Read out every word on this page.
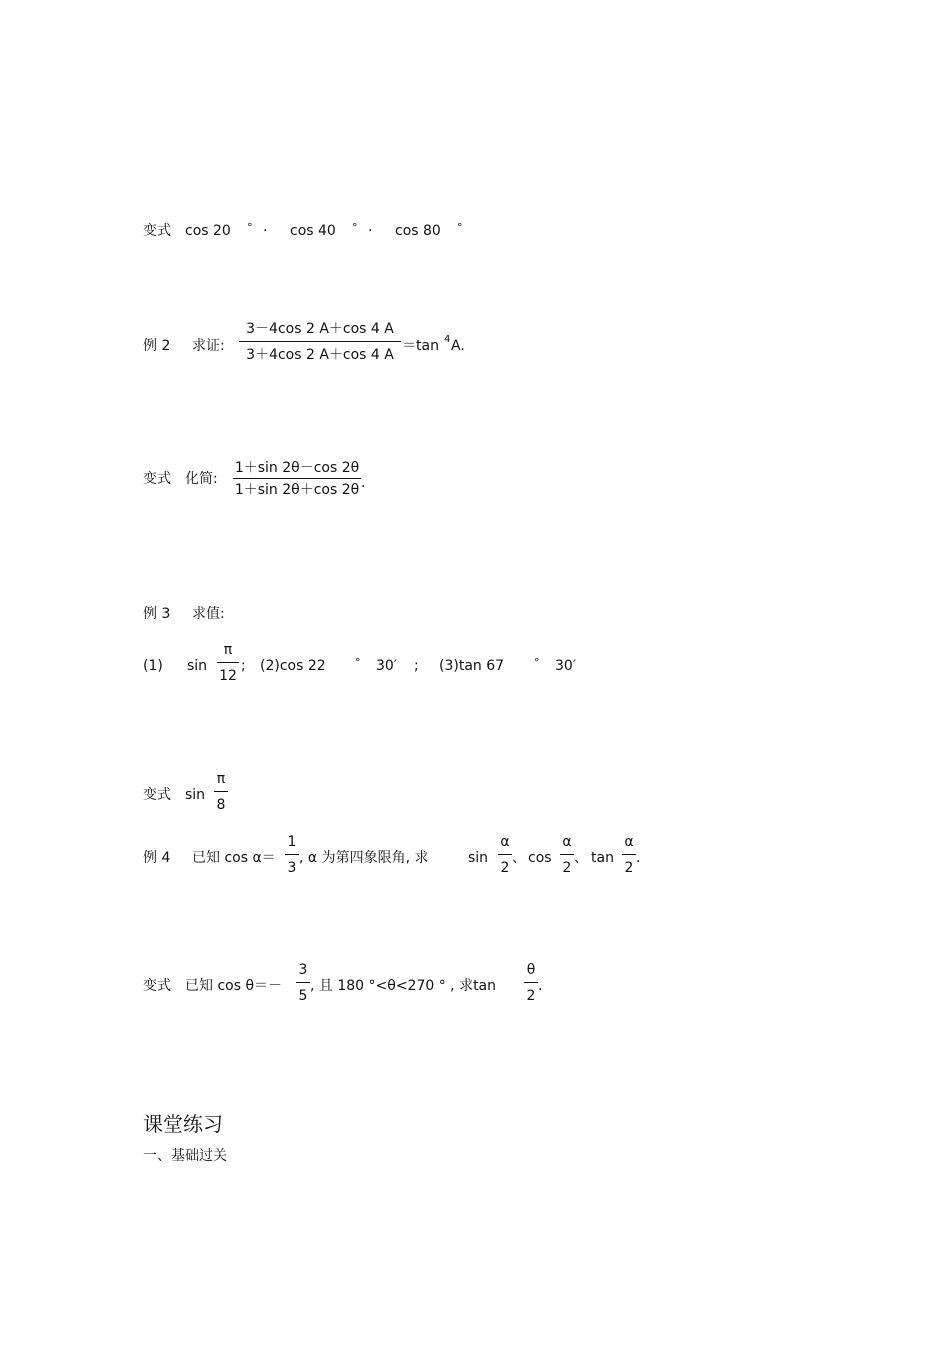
变式 cos 20 ° · cos 40 ° · cos 80 °
例 2 求证: $\frac{3-4\cos 2 A+\cos 4 A}{3+4\cos 2 A+\cos 4 A} =\tan$ 4 A.
变式 化简: $\frac{1+\sin 2\theta-\cos 2\theta}{1+\sin 2\theta+\cos 2\theta}$ .
例 3 求值:
(1) $\sin \frac{\pi}{12}$ ; (2)cos 22	° 30′ ; (3)tan 67	° 30′
变式 $\sin \frac{\pi}{8}$
例 4 已知 $\cos \alpha= \frac{1}{3}$ , α 为第四象限角, 求	$\sin \frac{\alpha}{2}$ 、 $\cos \frac{\alpha}{2}$ 、 $\tan \frac{\alpha}{2}$ .
变式 已知 $\cos \theta=- \frac{3}{5}$ , 且 180 °<θ<270 ° , 求$\tan \frac{\theta}{2}$ .
课堂练习
一、基础过关
